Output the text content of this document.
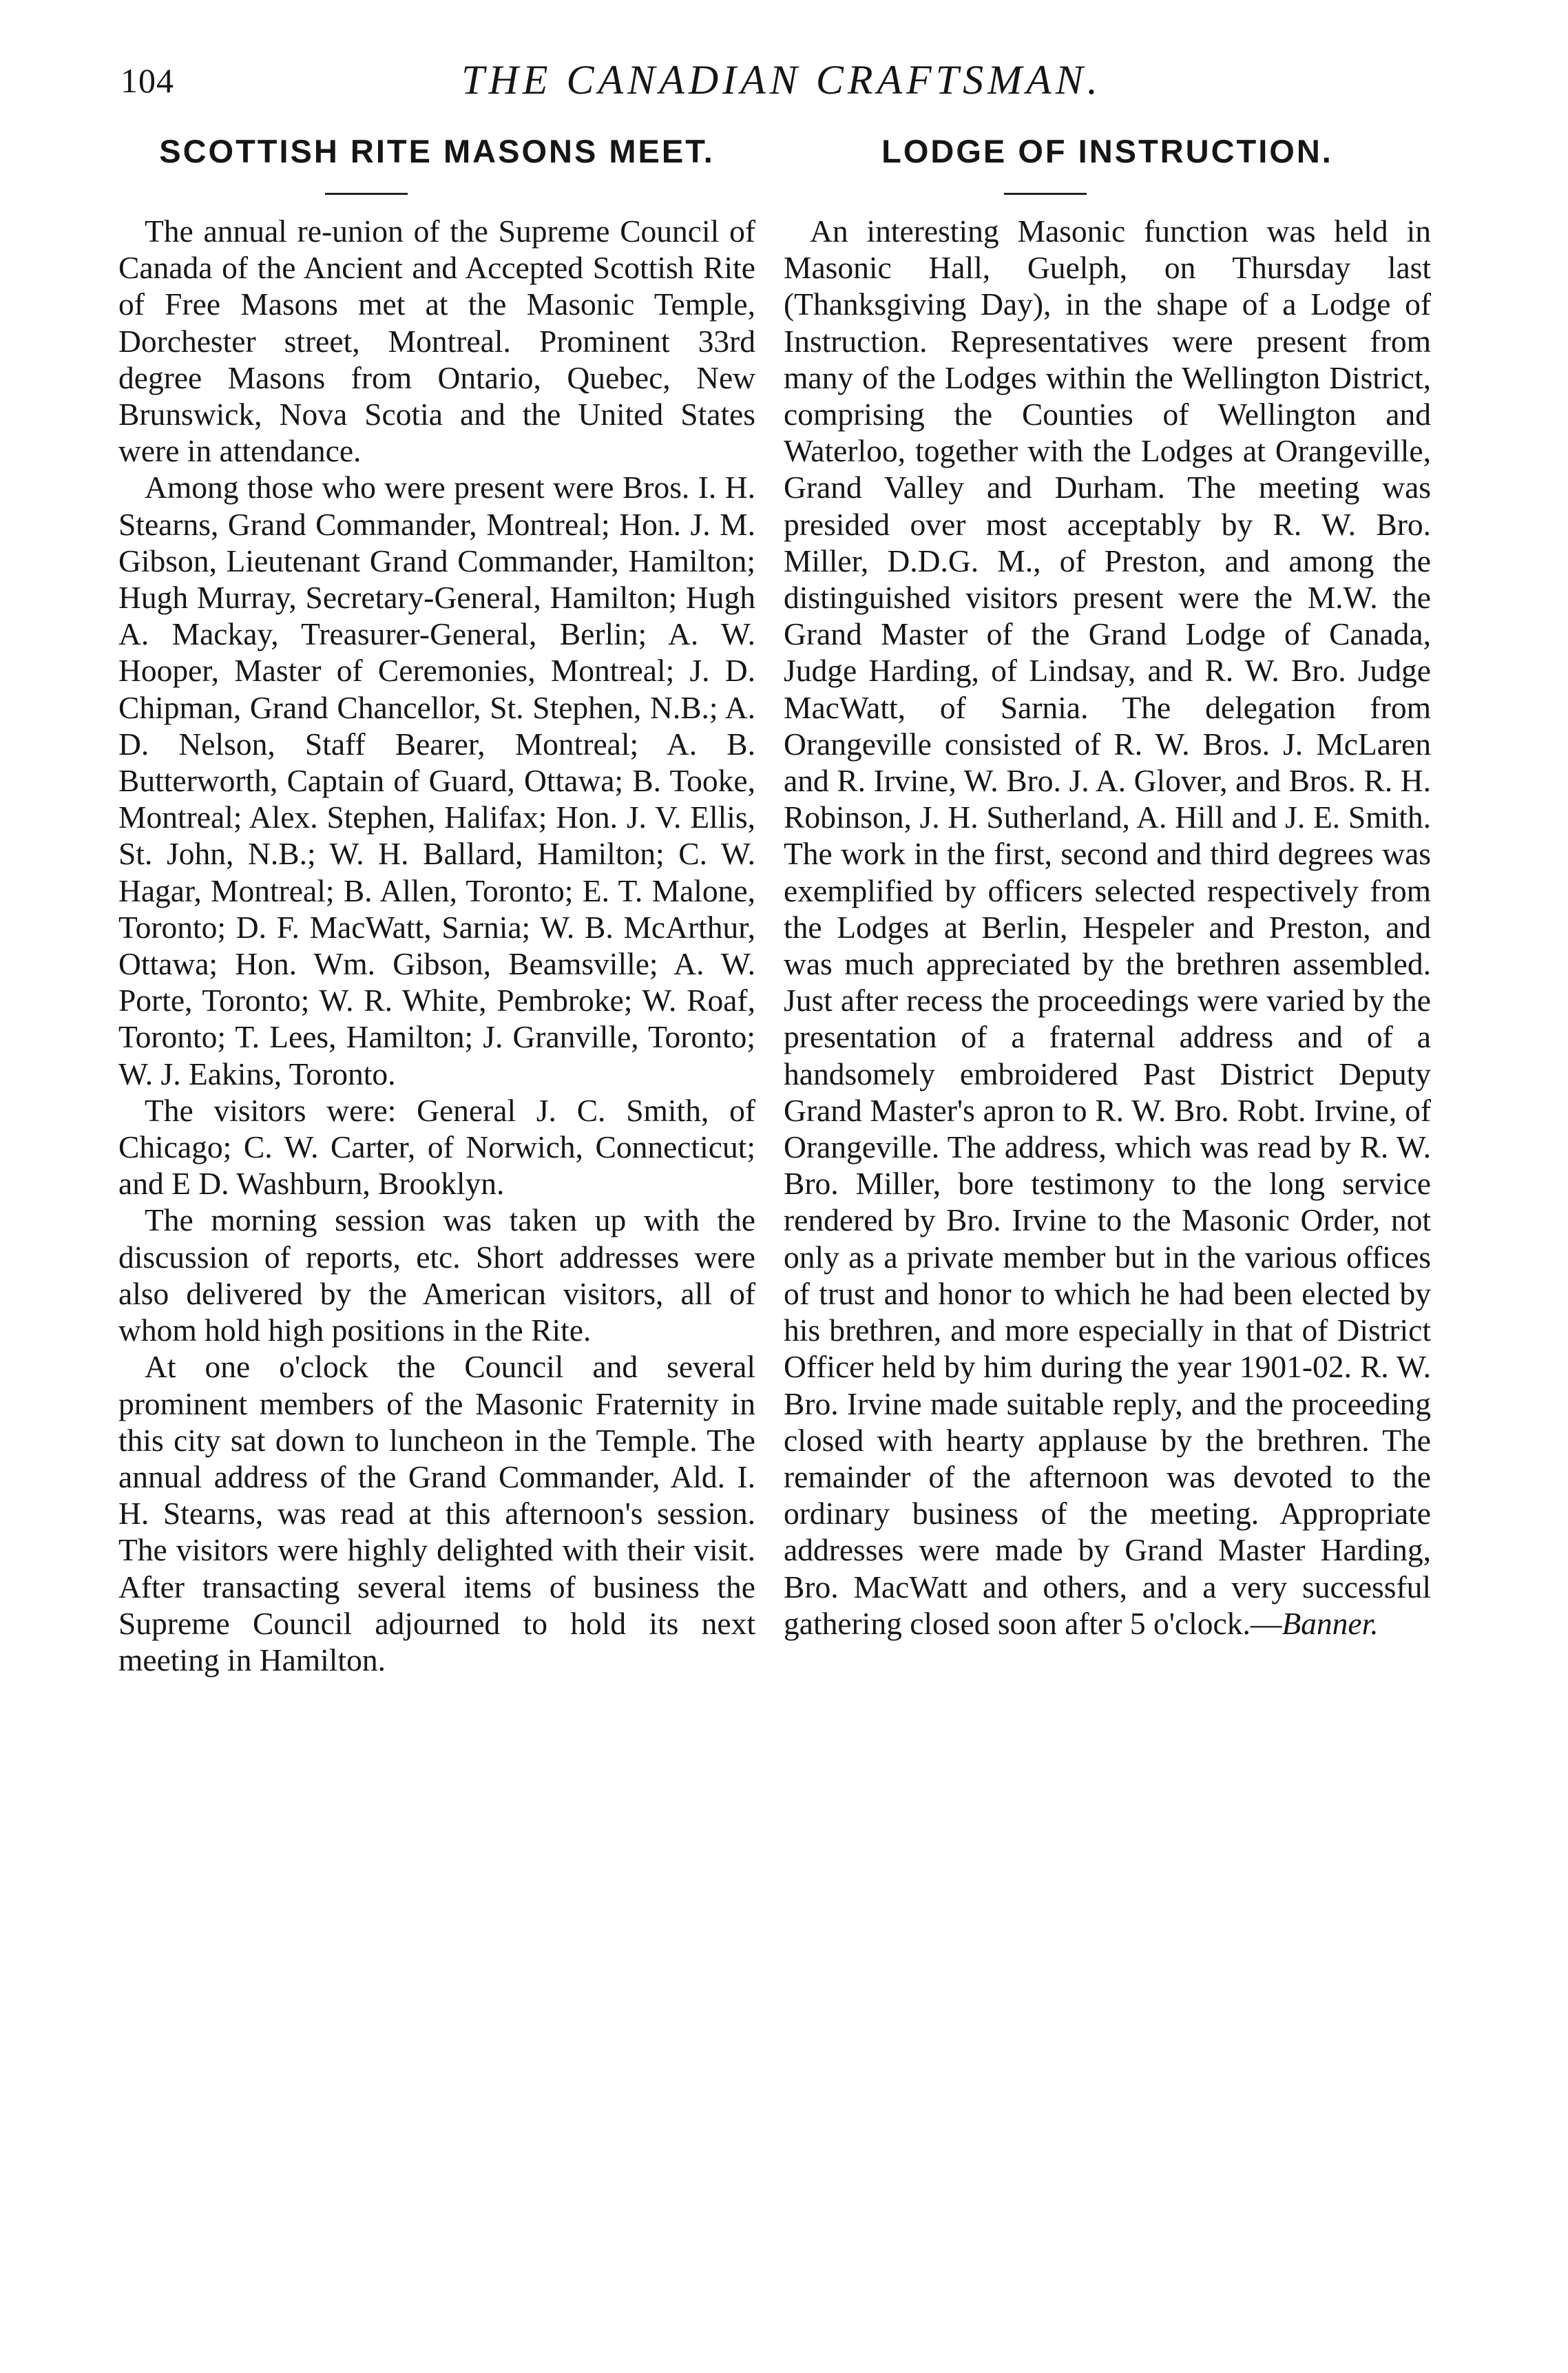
104	THE CANADIAN CRAFTSMAN.
SCOTTISH RITE MASONS MEET.

The annual re-union of the Supreme Council of Canada of the Ancient and Accepted Scottish Rite of Free Masons met at the Masonic Temple, Dorchester street, Montreal. Prominent 33rd degree Masons from Ontario, Quebec, New Brunswick, Nova Scotia and the United States were in attendance.

Among those who were present were Bros. I. H. Stearns, Grand Commander, Montreal; Hon. J. M. Gibson, Lieutenant Grand Commander, Hamilton; Hugh Murray, Secretary-General, Hamilton; Hugh A. Mackay, Treasurer-General, Berlin; A. W. Hooper, Master of Ceremonies, Montreal; J. D. Chipman, Grand Chancellor, St. Stephen, N.B.; A. D. Nelson, Staff Bearer, Montreal; A. B. Butterworth, Captain of Guard, Ottawa; B. Tooke, Montreal; Alex. Stephen, Halifax; Hon. J. V. Ellis, St. John, N.B.; W. H. Ballard, Hamilton; C. W. Hagar, Montreal; B. Allen, Toronto; E. T. Malone, Toronto; D. F. MacWatt, Sarnia; W. B. McArthur, Ottawa; Hon. Wm. Gibson, Beamsville; A. W. Porte, Toronto; W. R. White, Pembroke; W. Roaf, Toronto; T. Lees, Hamilton; J. Granville, Toronto; W. J. Eakins, Toronto.

The visitors were: General J. C. Smith, of Chicago; C. W. Carter, of Norwich, Connecticut; and E D. Washburn, Brooklyn.

The morning session was taken up with the discussion of reports, etc. Short addresses were also delivered by the American visitors, all of whom hold high positions in the Rite.

At one o'clock the Council and several prominent members of the Masonic Fraternity in this city sat down to luncheon in the Temple. The annual address of the Grand Commander, Ald. I. H. Stearns, was read at this afternoon's session. The visitors were highly delighted with their visit. After transacting several items of business the Supreme Council adjourned to hold its next meeting in Hamilton.

LODGE OF INSTRUCTION.

An interesting Masonic function was held in Masonic Hall, Guelph, on Thursday last (Thanksgiving Day), in the shape of a Lodge of Instruction. Representatives were present from many of the Lodges within the Wellington District, comprising the Counties of Wellington and Waterloo, together with the Lodges at Orangeville, Grand Valley and Durham. The meeting was presided over most acceptably by R. W. Bro. Miller, D.D.G. M., of Preston, and among the distinguished visitors present were the M.W. the Grand Master of the Grand Lodge of Canada, Judge Harding, of Lindsay, and R. W. Bro. Judge MacWatt, of Sarnia. The delegation from Orangeville consisted of R. W. Bros. J. McLaren and R. Irvine, W. Bro. J. A. Glover, and Bros. R. H. Robinson, J. H. Sutherland, A. Hill and J. E. Smith. The work in the first, second and third degrees was exemplified by officers selected respectively from the Lodges at Berlin, Hespeler and Preston, and was much appreciated by the brethren assembled. Just after recess the proceedings were varied by the presentation of a fraternal address and of a handsomely embroidered Past District Deputy Grand Master's apron to R. W. Bro. Robt. Irvine, of Orangeville. The address, which was read by R. W. Bro. Miller, bore testimony to the long service rendered by Bro. Irvine to the Masonic Order, not only as a private member but in the various offices of trust and honor to which he had been elected by his brethren, and more especially in that of District Officer held by him during the year 1901-02. R. W. Bro. Irvine made suitable reply, and the proceeding closed with hearty applause by the brethren. The remainder of the afternoon was devoted to the ordinary business of the meeting. Appropriate addresses were made by Grand Master Harding, Bro. MacWatt and others, and a very successful gathering closed soon after 5 o'clock.—Banner.
